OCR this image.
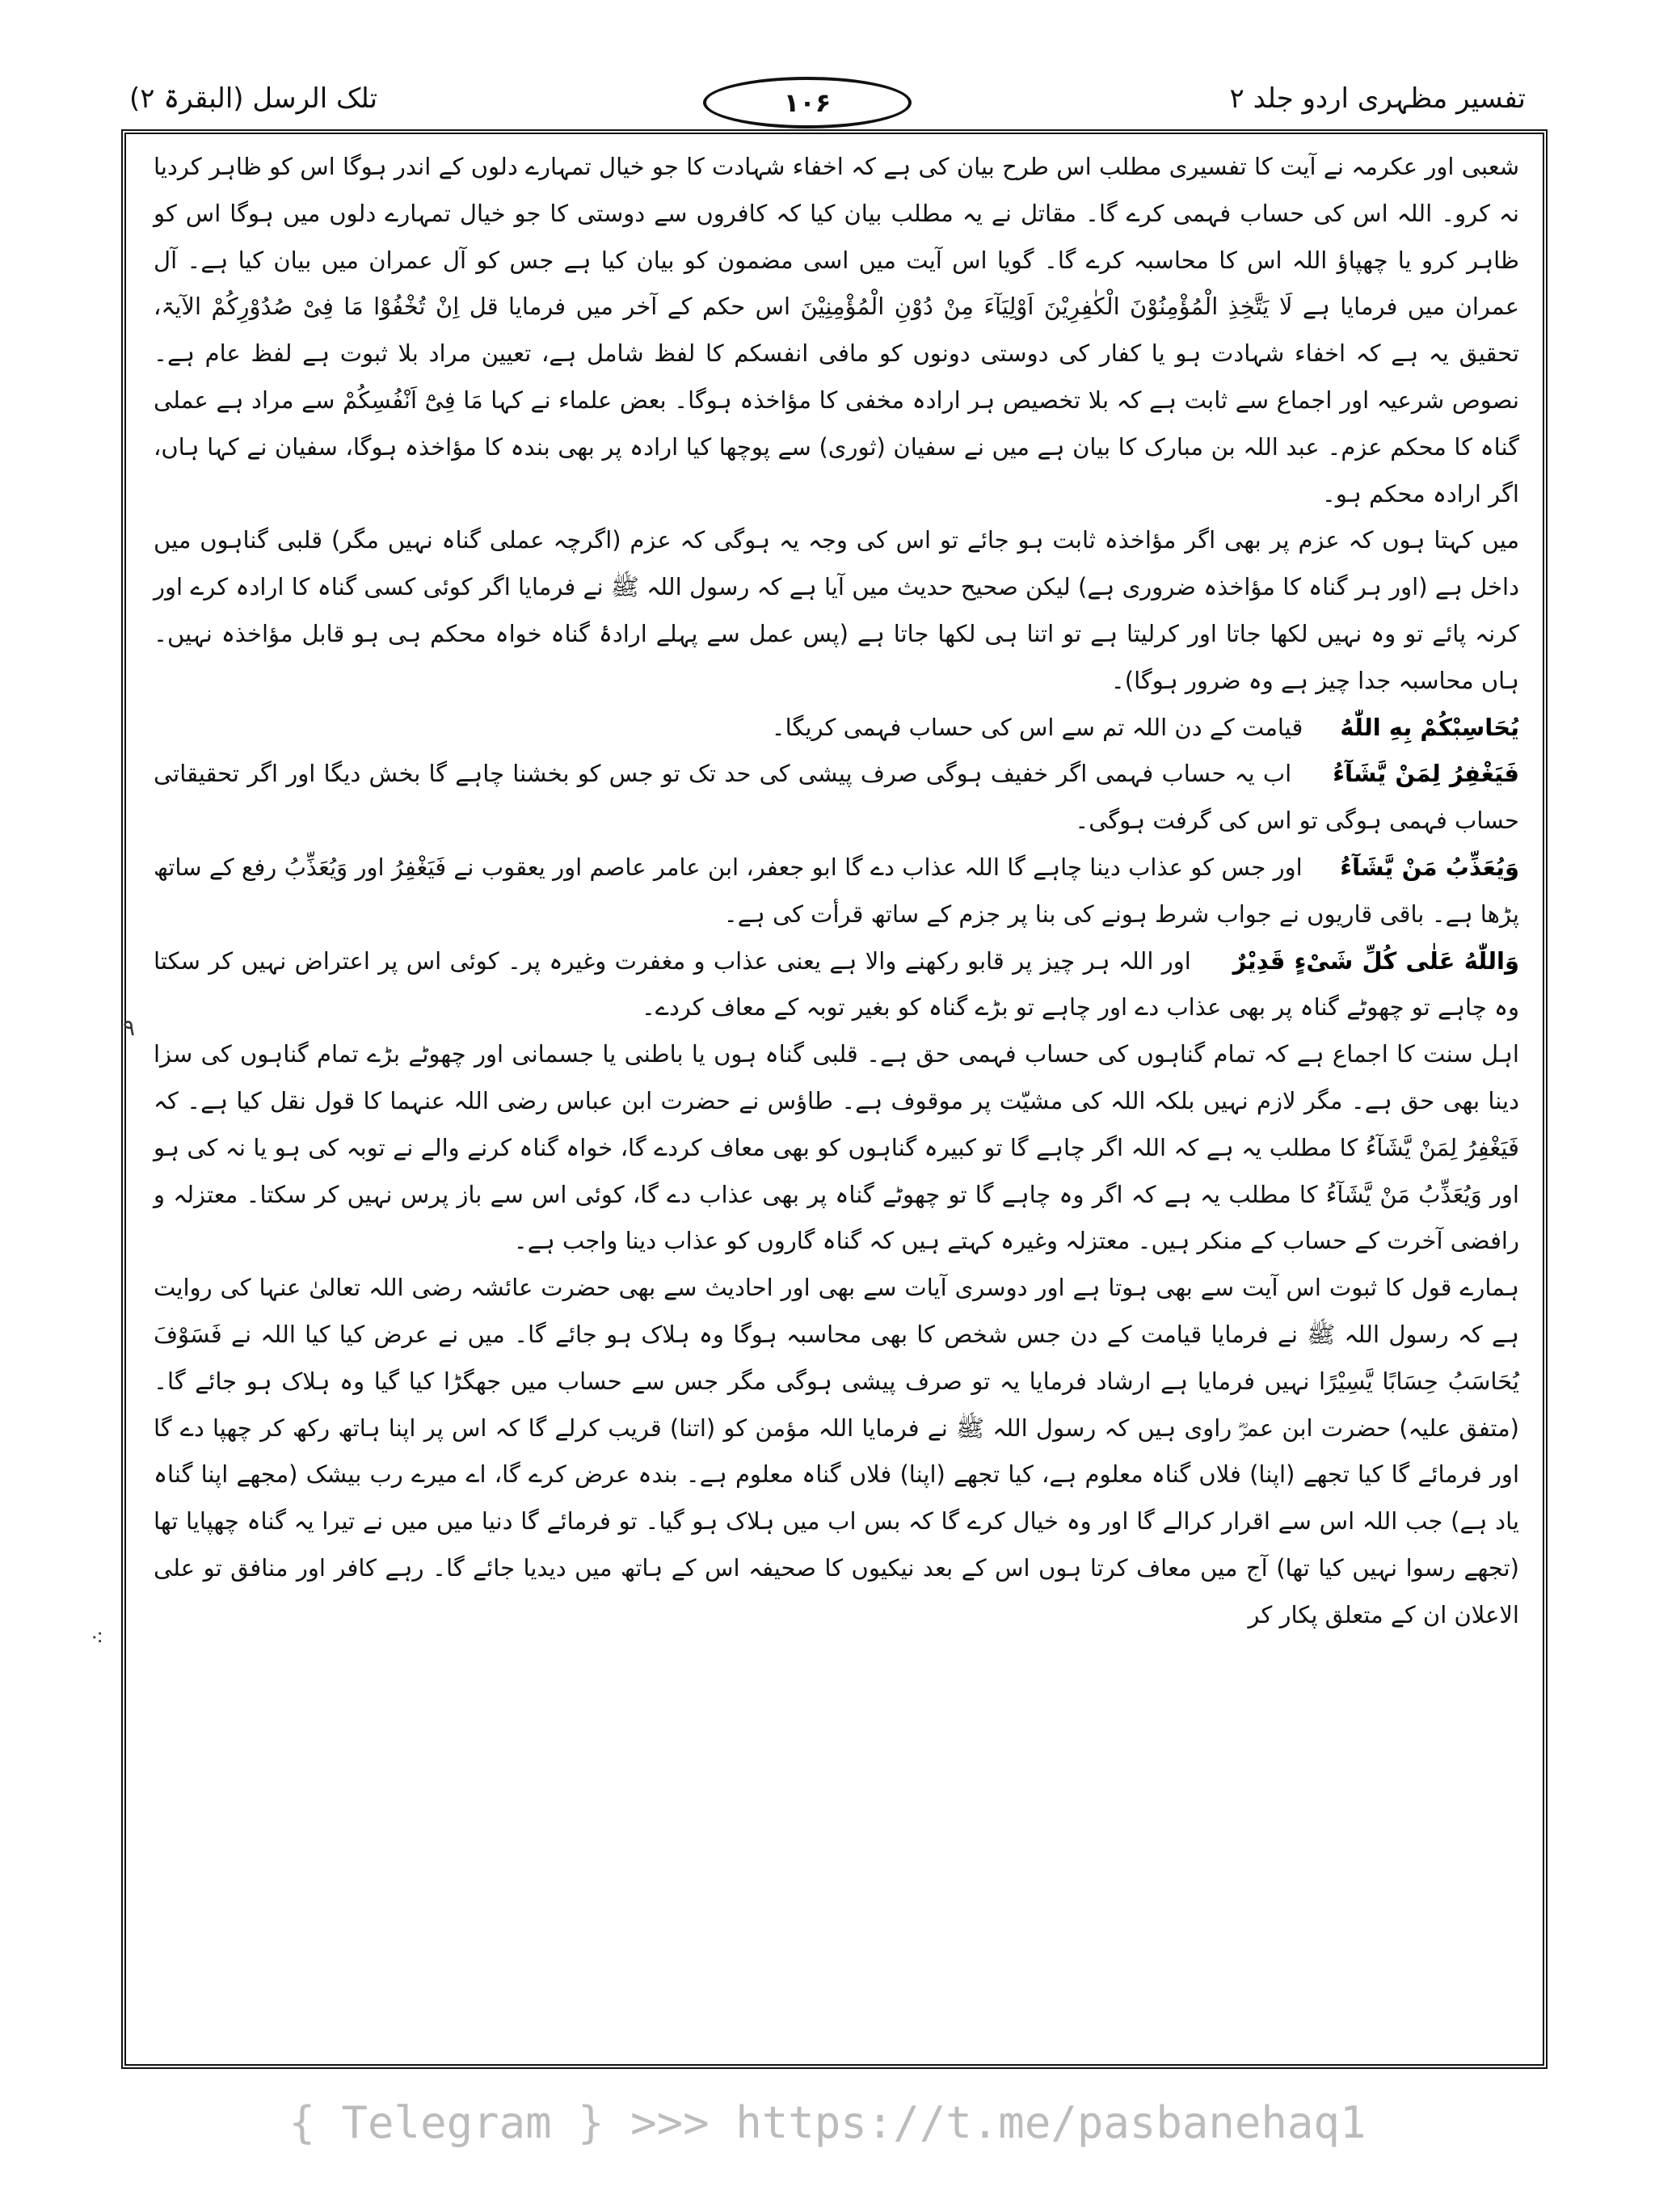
تفسیر مظہری اردو جلد ۲
۱۰۶
تلک الرسل (البقرۃ ۲)
٩
⁖

شعبی اور عکرمہ نے آیت کا تفسیری مطلب اس طرح بیان کی ہے کہ اخفاء شہادت کا جو خیال تمہارے دلوں کے اندر ہوگا اس کو ظاہر کردیا نہ کرو۔ اللہ اس کی حساب فہمی کرے گا۔ مقاتل نے یہ مطلب بیان کیا کہ کافروں سے دوستی کا جو خیال تمہارے دلوں میں ہوگا اس کو ظاہر کرو یا چھپاؤ اللہ اس کا محاسبہ کرے گا۔ گویا اس آیت میں اسی مضمون کو بیان کیا ہے جس کو آل عمران میں بیان کیا ہے۔ آل عمران میں فرمایا ہے لَا یَتَّخِذِ الْمُؤْمِنُوْنَ الْکٰفِرِیْنَ اَوْلِیَآءَ مِنْ دُوْنِ الْمُؤْمِنِیْنَ اس حکم کے آخر میں فرمایا قل اِنْ تُخْفُوْا مَا فِیْ صُدُوْرِکُمْ الآیۃ، تحقیق یہ ہے کہ اخفاء شہادت ہو یا کفار کی دوستی دونوں کو مافی انفسکم کا لفظ شامل ہے، تعیین مراد بلا ثبوت ہے لفظ عام ہے۔ نصوص شرعیہ اور اجماع سے ثابت ہے کہ بلا تخصیص ہر ارادہ مخفی کا مؤاخذہ ہوگا۔ بعض علماء نے کہا مَا فِیْٓ اَنْفُسِکُمْ سے مراد ہے عملی گناہ کا محکم عزم۔ عبد اللہ بن مبارک کا بیان ہے میں نے سفیان (ثوری) سے پوچھا کیا ارادہ پر بھی بندہ کا مؤاخذہ ہوگا، سفیان نے کہا ہاں، اگر ارادہ محکم ہو۔

میں کہتا ہوں کہ عزم پر بھی اگر مؤاخذہ ثابت ہو جائے تو اس کی وجہ یہ ہوگی کہ عزم (اگرچہ عملی گناہ نہیں مگر) قلبی گناہوں میں داخل ہے (اور ہر گناہ کا مؤاخذہ ضروری ہے) لیکن صحیح حدیث میں آیا ہے کہ رسول اللہ ﷺ نے فرمایا اگر کوئی کسی گناہ کا ارادہ کرے اور کرنہ پائے تو وہ نہیں لکھا جاتا اور کرلیتا ہے تو اتنا ہی لکھا جاتا ہے (پس عمل سے پہلے ارادۂ گناہ خواہ محکم ہی ہو قابل مؤاخذہ نہیں۔ ہاں محاسبہ جدا چیز ہے وہ ضرور ہوگا)۔

یُحَاسِبْکُمْ بِهِ اللّٰهُ     قیامت کے دن اللہ تم سے اس کی حساب فہمی کریگا۔

فَیَغْفِرُ لِمَنْ یَّشَآءُ     اب یہ حساب فہمی اگر خفیف ہوگی صرف پیشی کی حد تک تو جس کو بخشنا چاہے گا بخش دیگا اور اگر تحقیقاتی حساب فہمی ہوگی تو اس کی گرفت ہوگی۔

وَیُعَذِّبُ مَنْ یَّشَآءُ     اور جس کو عذاب دینا چاہے گا اللہ عذاب دے گا ابو جعفر، ابن عامر عاصم اور یعقوب نے فَیَغْفِرُ اور وَیُعَذِّبُ رفع کے ساتھ پڑھا ہے۔ باقی قاریوں نے جواب شرط ہونے کی بنا پر جزم کے ساتھ قرأت کی ہے۔

وَاللّٰهُ عَلٰی کُلِّ شَیْءٍ قَدِیْرٌ     اور اللہ ہر چیز پر قابو رکھنے والا ہے یعنی عذاب و مغفرت وغیرہ پر۔ کوئی اس پر اعتراض نہیں کر سکتا وہ چاہے تو چھوٹے گناہ پر بھی عذاب دے اور چاہے تو بڑے گناہ کو بغیر توبہ کے معاف کردے۔

اہل سنت کا اجماع ہے کہ تمام گناہوں کی حساب فہمی حق ہے۔ قلبی گناہ ہوں یا باطنی یا جسمانی اور چھوٹے بڑے تمام گناہوں کی سزا دینا بھی حق ہے۔ مگر لازم نہیں بلکہ اللہ کی مشیّت پر موقوف ہے۔ طاؤس نے حضرت ابن عباس رضی اللہ عنہما کا قول نقل کیا ہے۔ کہ فَیَغْفِرُ لِمَنْ یَّشَآءُ کا مطلب یہ ہے کہ اللہ اگر چاہے گا تو کبیرہ گناہوں کو بھی معاف کردے گا، خواہ گناہ کرنے والے نے توبہ کی ہو یا نہ کی ہو اور وَیُعَذِّبُ مَنْ یَّشَآءُ کا مطلب یہ ہے کہ اگر وہ چاہے گا تو چھوٹے گناہ پر بھی عذاب دے گا، کوئی اس سے باز پرس نہیں کر سکتا۔ معتزلہ و رافضی آخرت کے حساب کے منکر ہیں۔ معتزلہ وغیرہ کہتے ہیں کہ گناہ گاروں کو عذاب دینا واجب ہے۔

ہمارے قول کا ثبوت اس آیت سے بھی ہوتا ہے اور دوسری آیات سے بھی اور احادیث سے بھی حضرت عائشہ رضی اللہ تعالیٰ عنہا کی روایت ہے کہ رسول اللہ ﷺ نے فرمایا قیامت کے دن جس شخص کا بھی محاسبہ ہوگا وہ ہلاک ہو جائے گا۔ میں نے عرض کیا کیا اللہ نے فَسَوْفَ یُحَاسَبُ حِسَابًا یَّسِیْرًا نہیں فرمایا ہے ارشاد فرمایا یہ تو صرف پیشی ہوگی مگر جس سے حساب میں جھگڑا کیا گیا وہ ہلاک ہو جائے گا۔ (متفق علیہ) حضرت ابن عمرؓ راوی ہیں کہ رسول اللہ ﷺ نے فرمایا اللہ مؤمن کو (اتنا) قریب کرلے گا کہ اس پر اپنا ہاتھ رکھ کر چھپا دے گا اور فرمائے گا کیا تجھے (اپنا) فلاں گناہ معلوم ہے، کیا تجھے (اپنا) فلاں گناہ معلوم ہے۔ بندہ عرض کرے گا، اے میرے رب بیشک (مجھے اپنا گناہ یاد ہے) جب اللہ اس سے اقرار کرالے گا اور وہ خیال کرے گا کہ بس اب میں ہلاک ہو گیا۔ تو فرمائے گا دنیا میں میں نے تیرا یہ گناہ چھپایا تھا (تجھے رسوا نہیں کیا تھا) آج میں معاف کرتا ہوں اس کے بعد نیکیوں کا صحیفہ اس کے ہاتھ میں دیدیا جائے گا۔ رہے کافر اور منافق تو علی الاعلان ان کے متعلق پکار کر

{ Telegram } >>> https://t.me/pasbanehaq1
